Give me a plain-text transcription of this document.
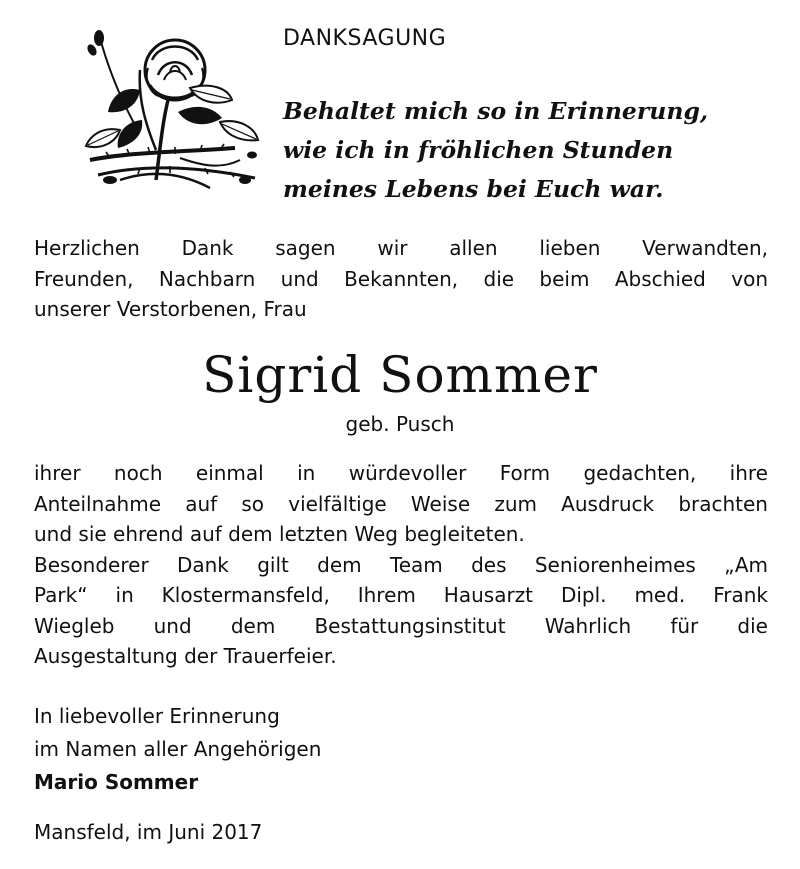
DANKSAGUNG
Behaltet mich so in Erinnerung,
wie ich in fröhlichen Stunden
meines Lebens bei Euch war.
Herzlichen Dank sagen wir allen lieben Verwandten,
Freunden, Nachbarn und Bekannten, die beim Abschied von
unserer Verstorbenen, Frau
Sigrid Sommer
geb. Pusch
ihrer noch einmal in würdevoller Form gedachten, ihre
Anteilnahme auf so vielfältige Weise zum Ausdruck brachten
und sie ehrend auf dem letzten Weg begleiteten.
Besonderer Dank gilt dem Team des Seniorenheimes „Am
Park“ in Klostermansfeld, Ihrem Hausarzt Dipl. med. Frank
Wiegleb und dem Bestattungsinstitut Wahrlich für die
Ausgestaltung der Trauerfeier.
In liebevoller Erinnerung
im Namen aller Angehörigen
Mario Sommer
Mansfeld, im Juni 2017
